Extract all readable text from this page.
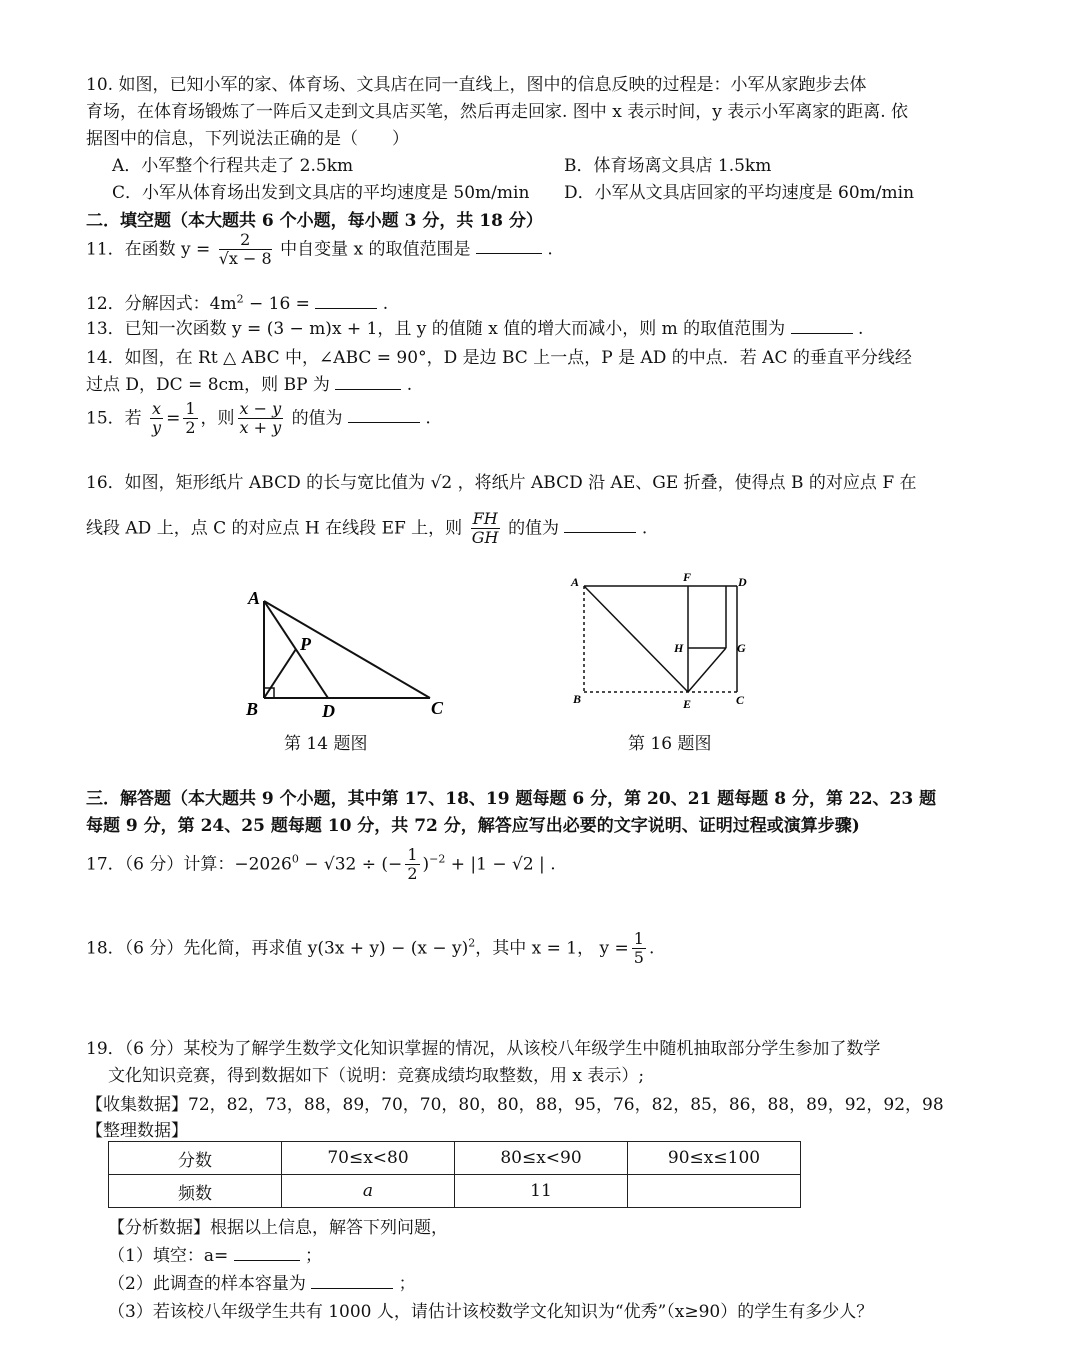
10. 如图，已知小军的家、体育场、文具店在同一直线上，图中的信息反映的过程是：小军从家跑步去体
育场，在体育场锻炼了一阵后又走到文具店买笔，然后再走回家. 图中 x 表示时间，y 表示小军离家的距离. 依
据图中的信息，下列说法正确的是（　　）
A．小军整个行程共走了 2.5km	B．体育场离文具店 1.5km
C．小军从体育场出发到文具店的平均速度是 50m/min D．小军从文具店回家的平均速度是 60m/min
二．填空题（本大题共 6 个小题，每小题 3 分，共 18 分）
11．在函数 $y = \frac{2}{√x - 8}$ 中自变量 x 的取值范围是	.
12．分解因式：$4m^2 - 16$ =	.
13．已知一次函数 y = (3 − m)x + 1，且 y 的值随 x 值的增大而减小，则 m 的取值范围为	.
14．如图，在 Rt △ ABC 中，∠ABC = 90°，D 是边 BC 上一点，P 是 AD 的中点．若 AC 的垂直平分线经
过点 D，DC = 8cm，则 BP 为	.
15．若 $\frac{x}{y} = \frac{1}{2}$ ，则 $\frac{x - y}{x + y}$ 的值为	.
16．如图，矩形纸片 ABCD 的长与宽比值为 √2 ，将纸片 ABCD 沿 AE、GE 折叠，使得点 B 的对应点 F 在
线段 AD 上，点 C 的对应点 H 在线段 EF 上，则 $\frac{FH}{GH}$ 的值为	.
A
B	C
D
P
第 14 题图
A	F	D
H	G
B	E	C
第 16 题图
三．解答题（本大题共 9 个小题，其中第 17、18、19 题每题 6 分，第 20、21 题每题 8 分，第 22、23 题
每题 9 分，第 24、25 题每题 10 分，共 72 分，解答应写出必要的文字说明、证明过程或演算步骤)
17．（6 分）计算：$-2026^0 - √32$ ÷ (− $\frac{1}{2} )^{-2} + |1 - √2$ | .
18．（6 分）先化简，再求值 $y(3x + y) - (x - y)^2$，其中 x = 1， $y = \frac{1}{5}$ .
19．（6 分）某校为了解学生数学文化知识掌握的情况，从该校八年级学生中随机抽取部分学生参加了数学
文化知识竞赛，得到数据如下（说明：竞赛成绩均取整数，用 x 表示）;
【收集数据】72，82，73，88，89，70，70，80，80，88，95，76，82，85，86，88，89，92，92，98
【整理数据】
分数	70≤x<80	80≤x<90	90≤x≤100
频数	a	11	
【分析数据】根据以上信息，解答下列问题，
（1）填空：a=	；
（2）此调查的样本容量为	；
（3）若该校八年级学生共有 1000 人，请估计该校数学文化知识为“优秀”（x≥90）的学生有多少人？
